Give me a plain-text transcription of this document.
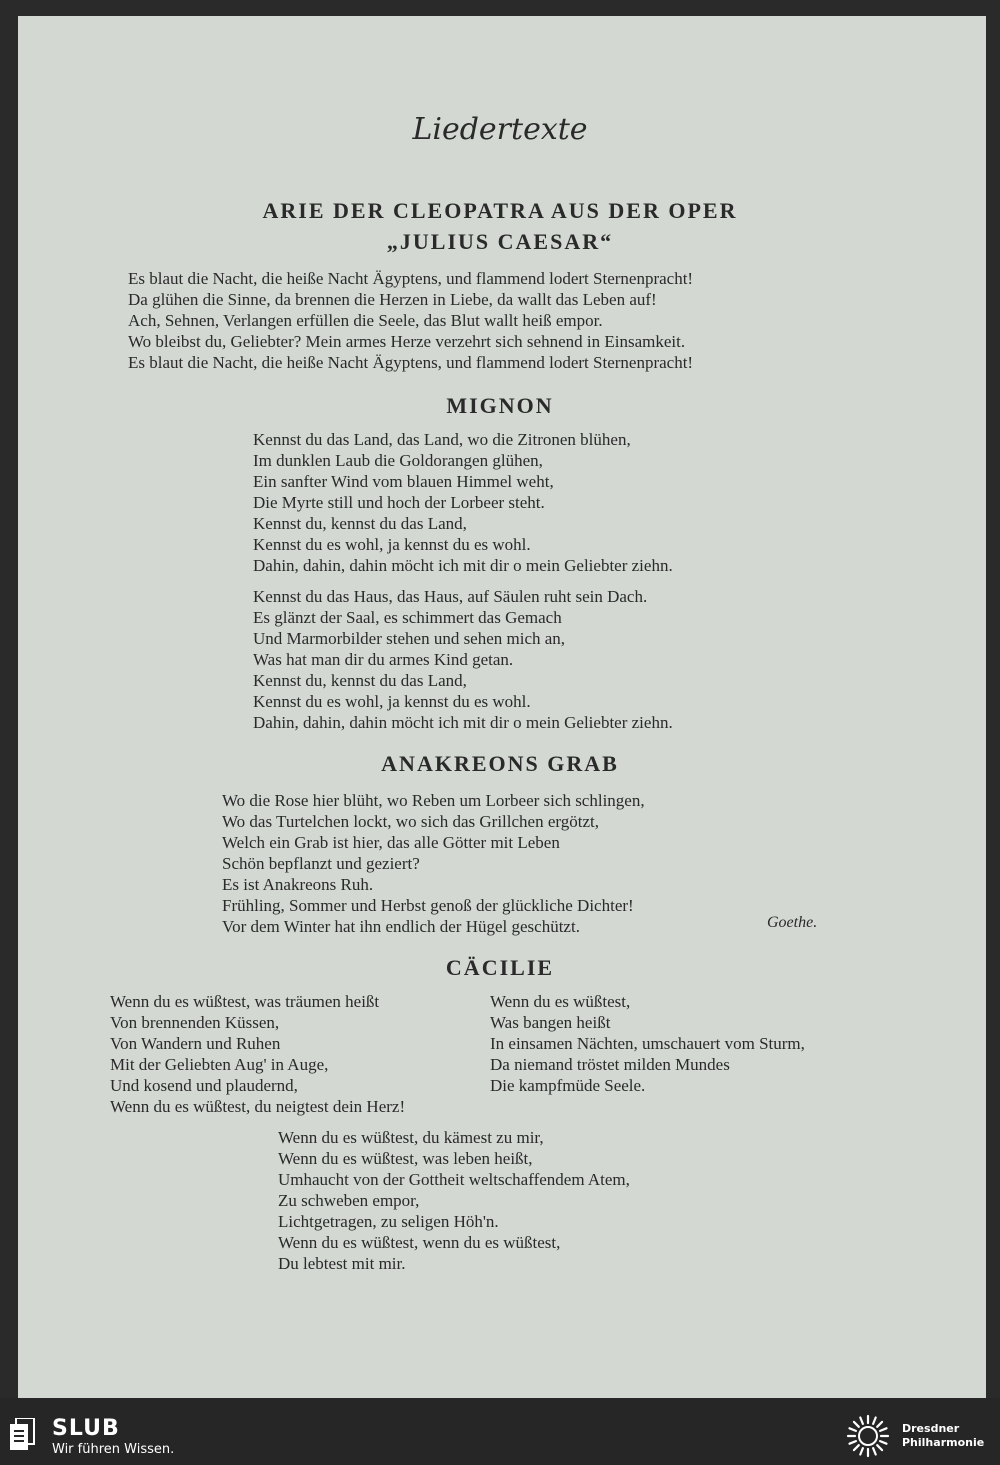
Liedertexte
ARIE DER CLEOPATRA AUS DER OPER
„JULIUS CAESAR“
Es blaut die Nacht, die heiße Nacht Ägyptens, und flammend lodert Sternenpracht!
Da glühen die Sinne, da brennen die Herzen in Liebe, da wallt das Leben auf!
Ach, Sehnen, Verlangen erfüllen die Seele, das Blut wallt heiß empor.
Wo bleibst du, Geliebter? Mein armes Herze verzehrt sich sehnend in Einsamkeit.
Es blaut die Nacht, die heiße Nacht Ägyptens, und flammend lodert Sternenpracht!
MIGNON
Kennst du das Land, das Land, wo die Zitronen blühen,
Im dunklen Laub die Goldorangen glühen,
Ein sanfter Wind vom blauen Himmel weht,
Die Myrte still und hoch der Lorbeer steht.
Kennst du, kennst du das Land,
Kennst du es wohl, ja kennst du es wohl.
Dahin, dahin, dahin möcht ich mit dir o mein Geliebter ziehn.
Kennst du das Haus, das Haus, auf Säulen ruht sein Dach.
Es glänzt der Saal, es schimmert das Gemach
Und Marmorbilder stehen und sehen mich an,
Was hat man dir du armes Kind getan.
Kennst du, kennst du das Land,
Kennst du es wohl, ja kennst du es wohl.
Dahin, dahin, dahin möcht ich mit dir o mein Geliebter ziehn.
ANAKREONS GRAB
Wo die Rose hier blüht, wo Reben um Lorbeer sich schlingen,
Wo das Turtelchen lockt, wo sich das Grillchen ergötzt,
Welch ein Grab ist hier, das alle Götter mit Leben
Schön bepflanzt und geziert?
Es ist Anakreons Ruh.
Frühling, Sommer und Herbst genoß der glückliche Dichter!
Vor dem Winter hat ihn endlich der Hügel geschützt.	Goethe.
CÄCILIE
Wenn du es wüßtest, was träumen heißt
Von brennenden Küssen,
Von Wandern und Ruhen
Mit der Geliebten Aug' in Auge,
Und kosend und plaudernd,
Wenn du es wüßtest, du neigtest dein Herz!
Wenn du es wüßtest,
Was bangen heißt
In einsamen Nächten, umschauert vom Sturm,
Da niemand tröstet milden Mundes
Die kampfmüde Seele.
Wenn du es wüßtest, du kämest zu mir,
Wenn du es wüßtest, was leben heißt,
Umhaucht von der Gottheit weltschaffendem Atem,
Zu schweben empor,
Lichtgetragen, zu seligen Höh'n.
Wenn du es wüßtest, wenn du es wüßtest,
Du lebtest mit mir.
SLUB
Wir führen Wissen.
Dresdner
Philharmonie
